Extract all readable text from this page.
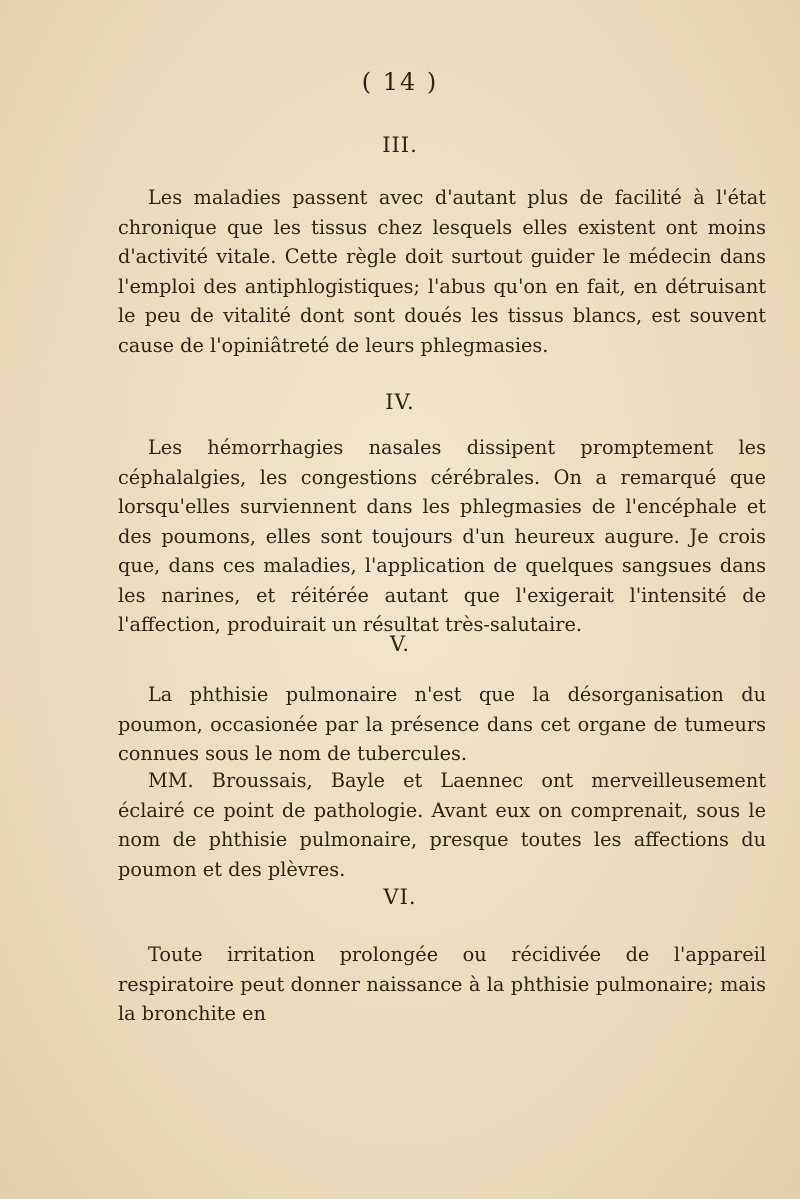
( 14 )
III.

Les maladies passent avec d'autant plus de facilité à l'état chronique que les tissus chez lesquels elles existent ont moins d'activité vitale. Cette règle doit surtout guider le médecin dans l'emploi des antiphlogistiques; l'abus qu'on en fait, en détruisant le peu de vitalité dont sont doués les tissus blancs, est souvent cause de l'opiniâtreté de leurs phlegmasies.

IV.

Les hémorrhagies nasales dissipent promptement les céphalalgies, les congestions cérébrales. On a remarqué que lorsqu'elles surviennent dans les phlegmasies de l'encéphale et des poumons, elles sont toujours d'un heureux augure. Je crois que, dans ces maladies, l'application de quelques sangsues dans les narines, et réitérée autant que l'exigerait l'intensité de l'affection, produirait un résultat très-salutaire.

V.

La phthisie pulmonaire n'est que la désorganisation du poumon, occasionée par la présence dans cet organe de tumeurs connues sous le nom de tubercules.

MM. Broussais, Bayle et Laennec ont merveilleusement éclairé ce point de pathologie. Avant eux on comprenait, sous le nom de phthisie pulmonaire, presque toutes les affections du poumon et des plèvres.

VI.

Toute irritation prolongée ou récidivée de l'appareil respiratoire peut donner naissance à la phthisie pulmonaire; mais la bronchite en
